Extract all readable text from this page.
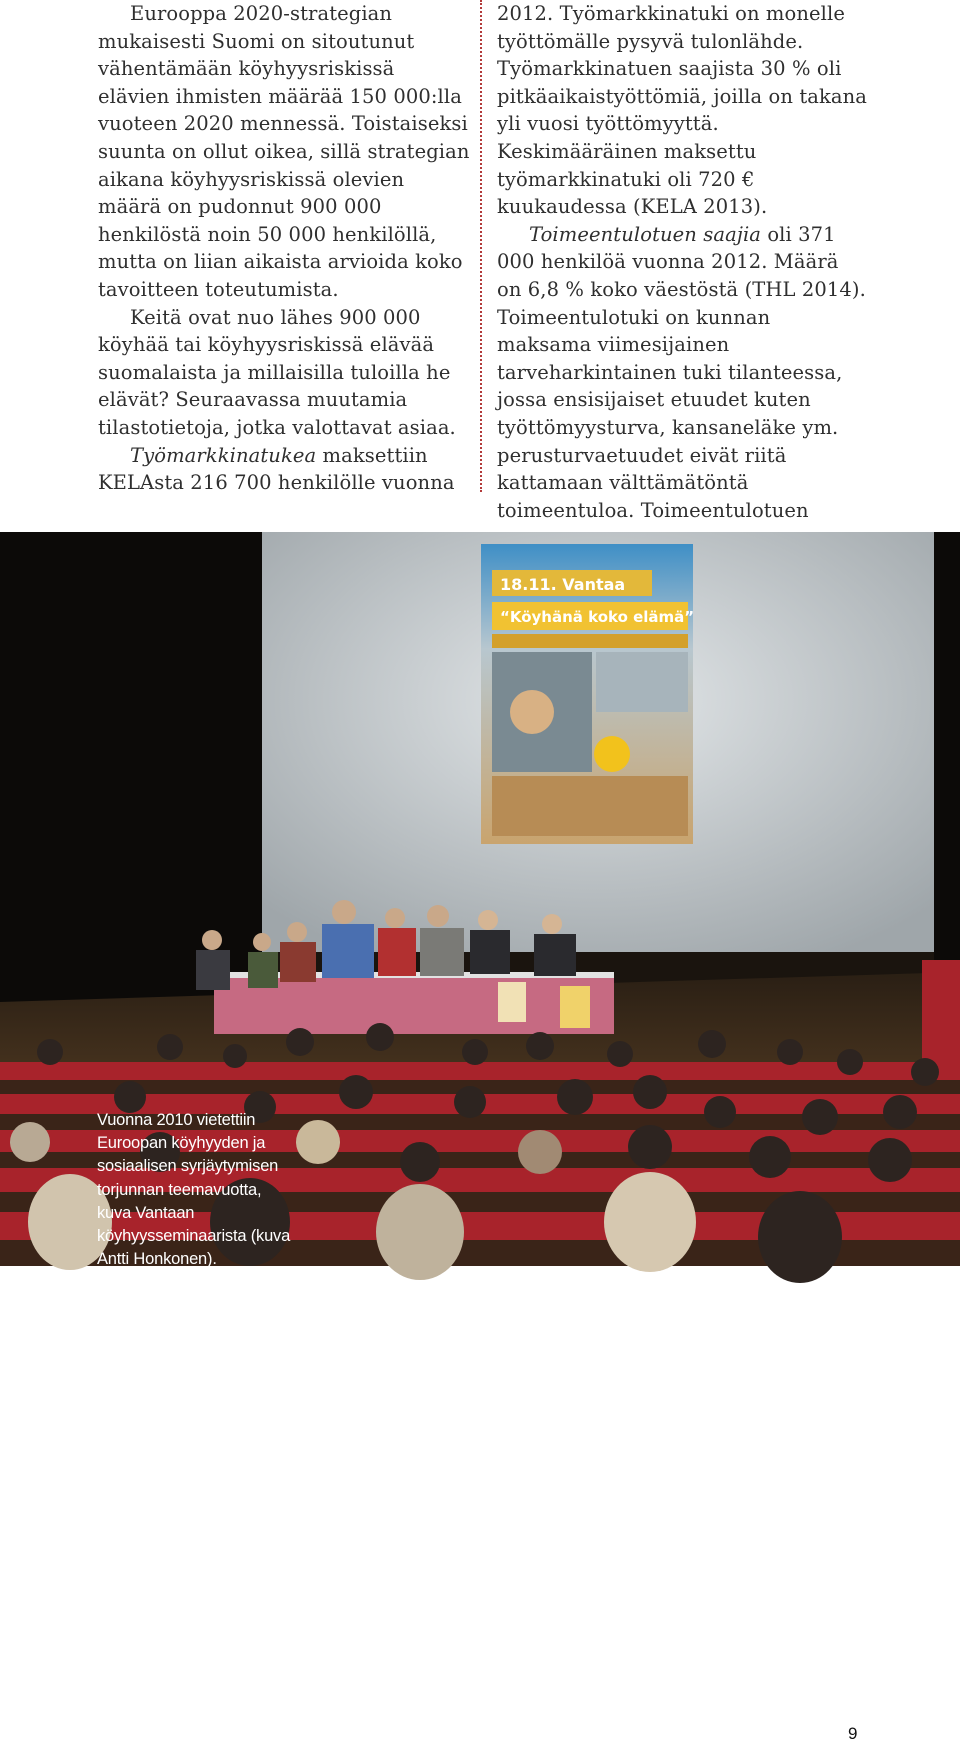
Eurooppa 2020-strategian mukaisesti Suomi on sitoutunut vähentämään köyhyysriskissä elävien ihmisten määrää 150 000:lla vuoteen 2020 mennessä. Toistaiseksi suunta on ollut oikea, sillä strategian aikana köyhyysriskissä olevien määrä on pudonnut 900 000 henkilöstä noin 50 000 henkilöllä, mutta on liian aikaista arvioida koko tavoitteen toteutumista.

Keitä ovat nuo lähes 900 000 köyhää tai köyhyysriskissä elävää suomalaista ja millaisilla tuloilla he elävät? Seuraavassa muutamia tilastotietoja, jotka valottavat asiaa.

Työmarkkinatukea maksettiin KELAsta 216 700 henkilölle vuonna

2012. Työmarkkinatuki on monelle työttömälle pysyvä tulonlähde. Työmarkkinatuen saajista 30 % oli pitkäaikaistyöttömiä, joilla on takana yli vuosi työttömyyttä. Keskimääräinen maksettu työmarkkinatuki oli 720 € kuukaudessa (KELA 2013).

Toimeentulotuen saajia oli 371 000 henkilöä vuonna 2012. Määrä on 6,8 % koko väestöstä (THL 2014). Toimeentulotuki on kunnan maksama viimesijainen tarveharkintainen tuki tilanteessa, jossa ensisijaiset etuudet kuten työttömyysturva, kansaneläke ym. perusturvaetuudet eivät riitä kattamaan välttämätöntä toimeentuloa. Toimeentulotuen

18.11. Vantaa
“Köyhänä koko elämä”
Vuonna 2010 vietettiin Euroopan köyhyyden ja sosiaalisen syrjäytymisen torjunnan teemavuotta, kuva Vantaan köyhyysseminaarista (kuva Antti Honkonen).
9
